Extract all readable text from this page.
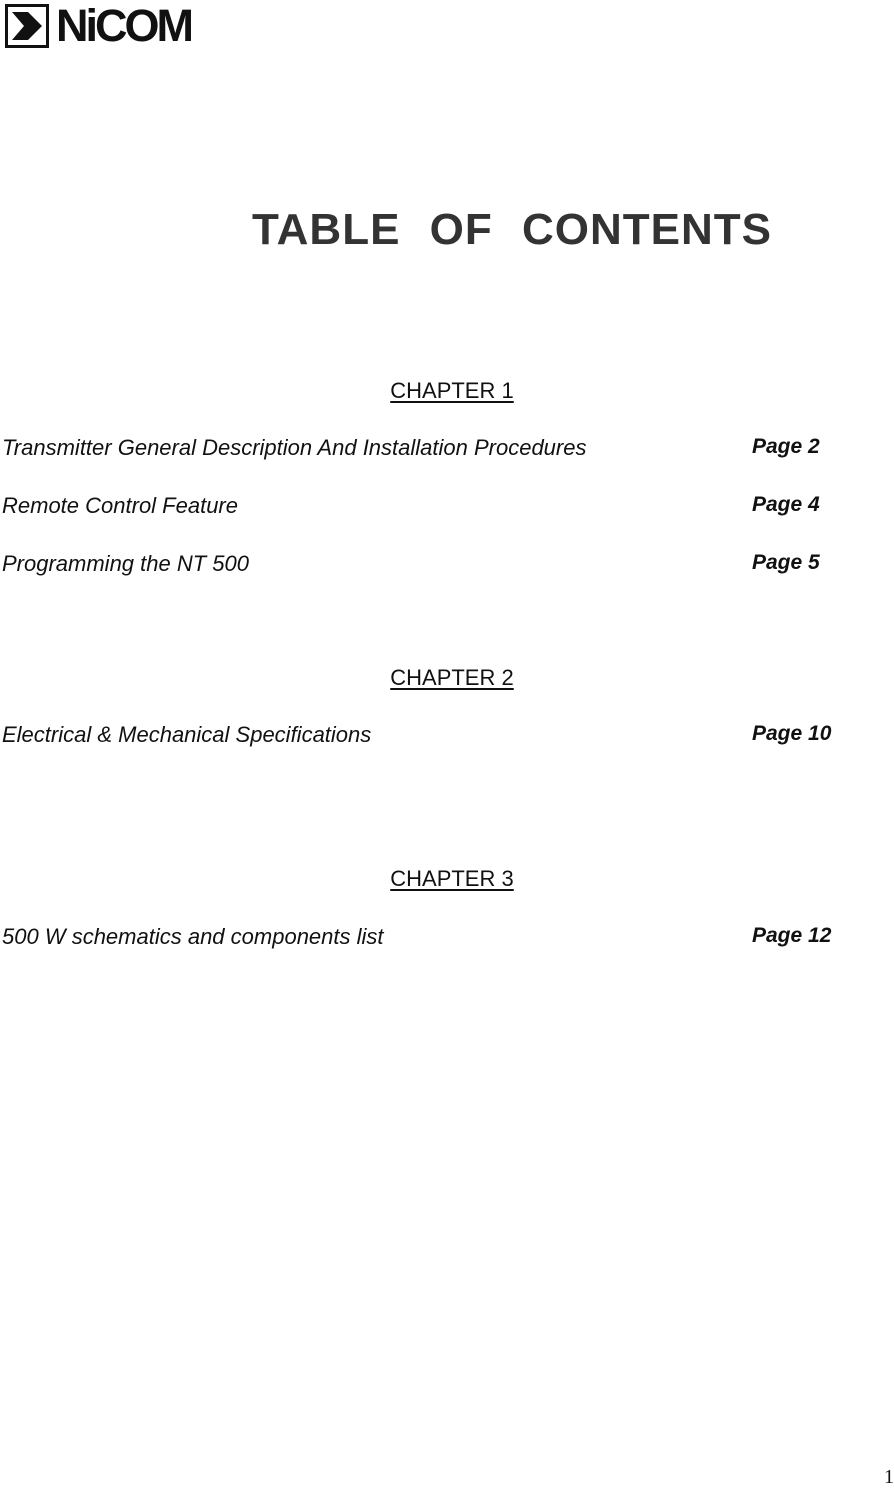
NiCOM
TABLE OF CONTENTS
CHAPTER 1
Transmitter General Description And Installation Procedures	Page 2
Remote Control Feature	Page 4
Programming the NT 500	Page 5
CHAPTER 2
Electrical & Mechanical Specifications	Page 10
CHAPTER 3
500 W schematics and components list	Page 12
1
